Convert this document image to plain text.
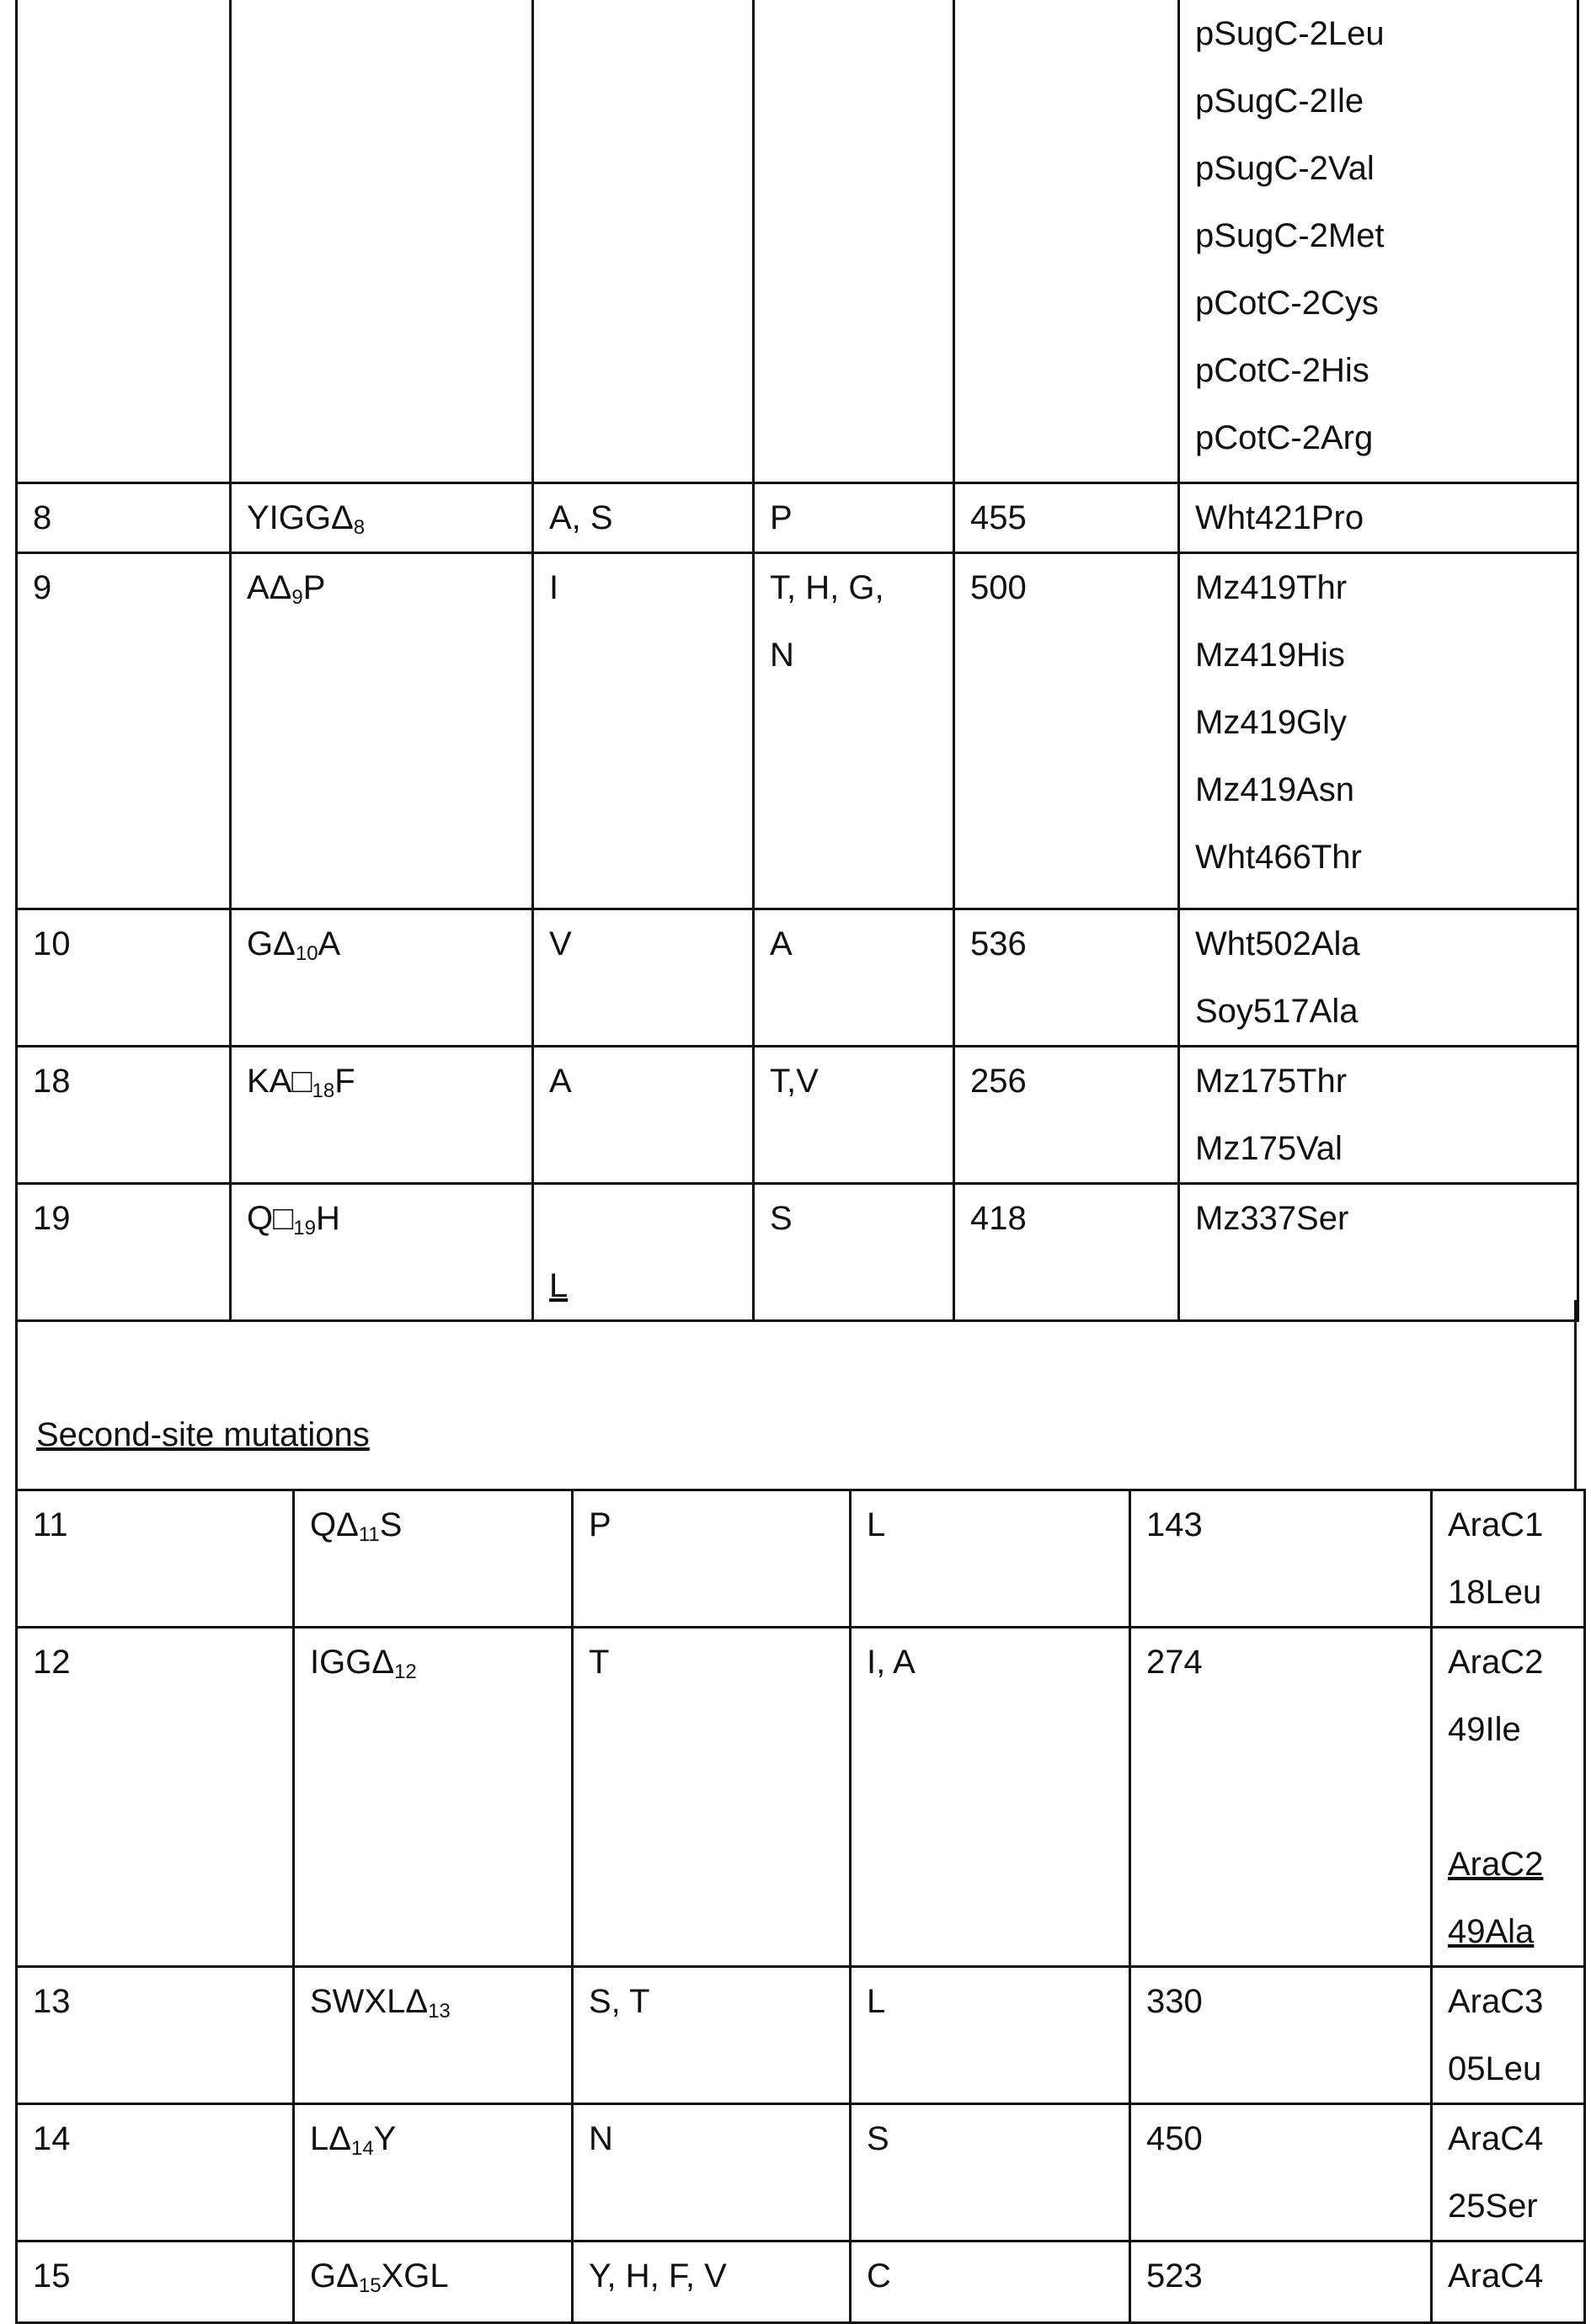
pSugC-2Leu
pSugC-2Ile
pSugC-2Val
pSugC-2Met
pCotC-2Cys
pCotC-2His
pCotC-2Arg

8	YIGGΔ8	A, S	P	455	Wht421Pro

9	AΔ9P	I	T, H, G,
N

500	Mz419Thr
Mz419His
Mz419Gly
Mz419Asn
Wht466Thr

10	GΔ10A	V	A	536	Wht502Ala
Soy517Ala

18	KA□18F	A	T,V	256	Mz175Thr
Mz175Val

19	Q□19H

L

S	418	Mz337Ser
Second-site mutations
11	QΔ11S	P	L	143	AraC1
18Leu

12	IGGΔ12	T	I, A	274	AraC2
49Ile
AraC2
49Ala

13	SWXLΔ13	S, T	L	330	AraC3
05Leu

14	LΔ14Y	N	S	450	AraC4
25Ser

15	GΔ15XGL	Y, H, F, V	C	523	AraC4
